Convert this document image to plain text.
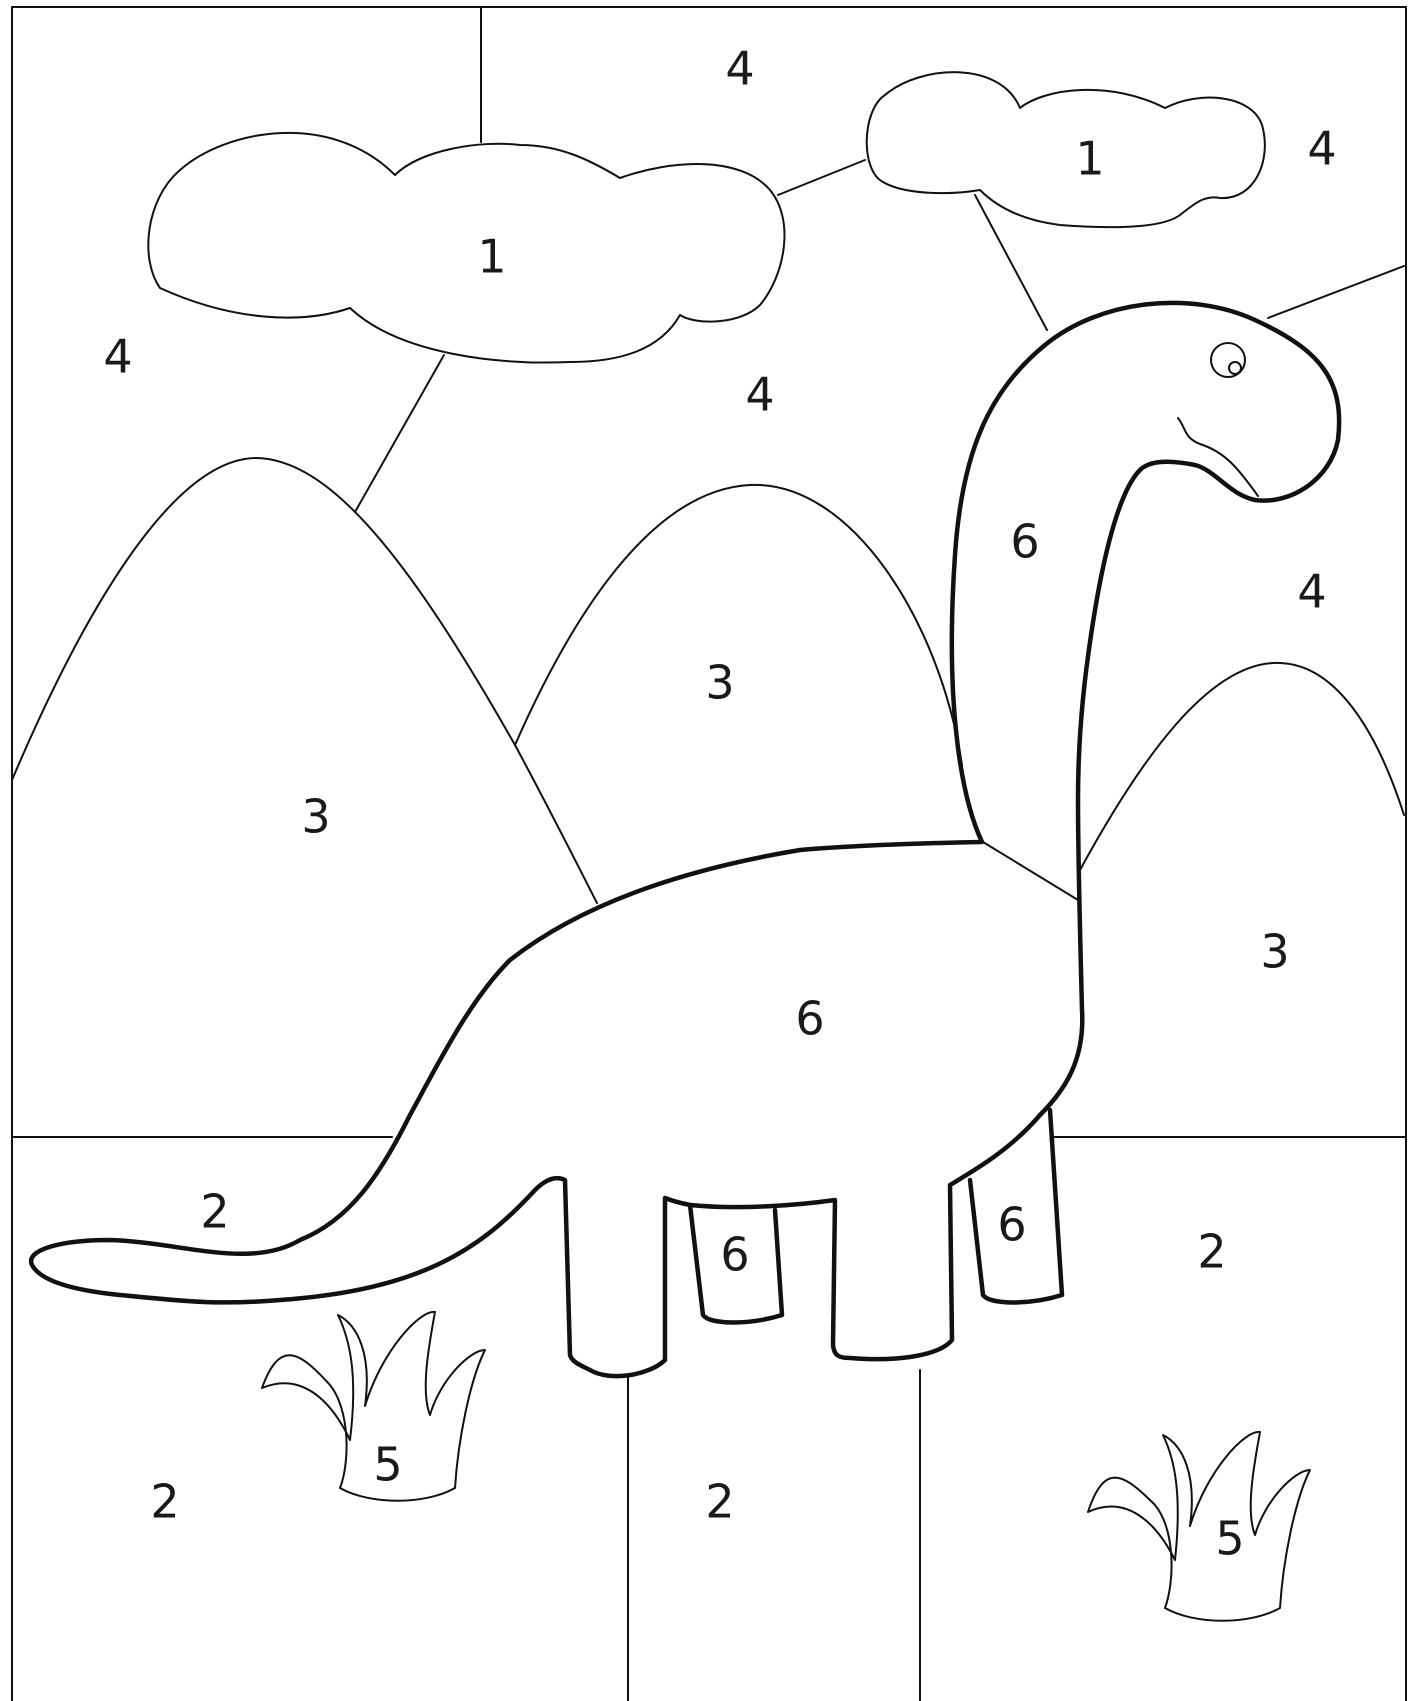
1
1
4
4
4
4
4
3
3
3
6
6
6
6
2
2
2	2
5
5
